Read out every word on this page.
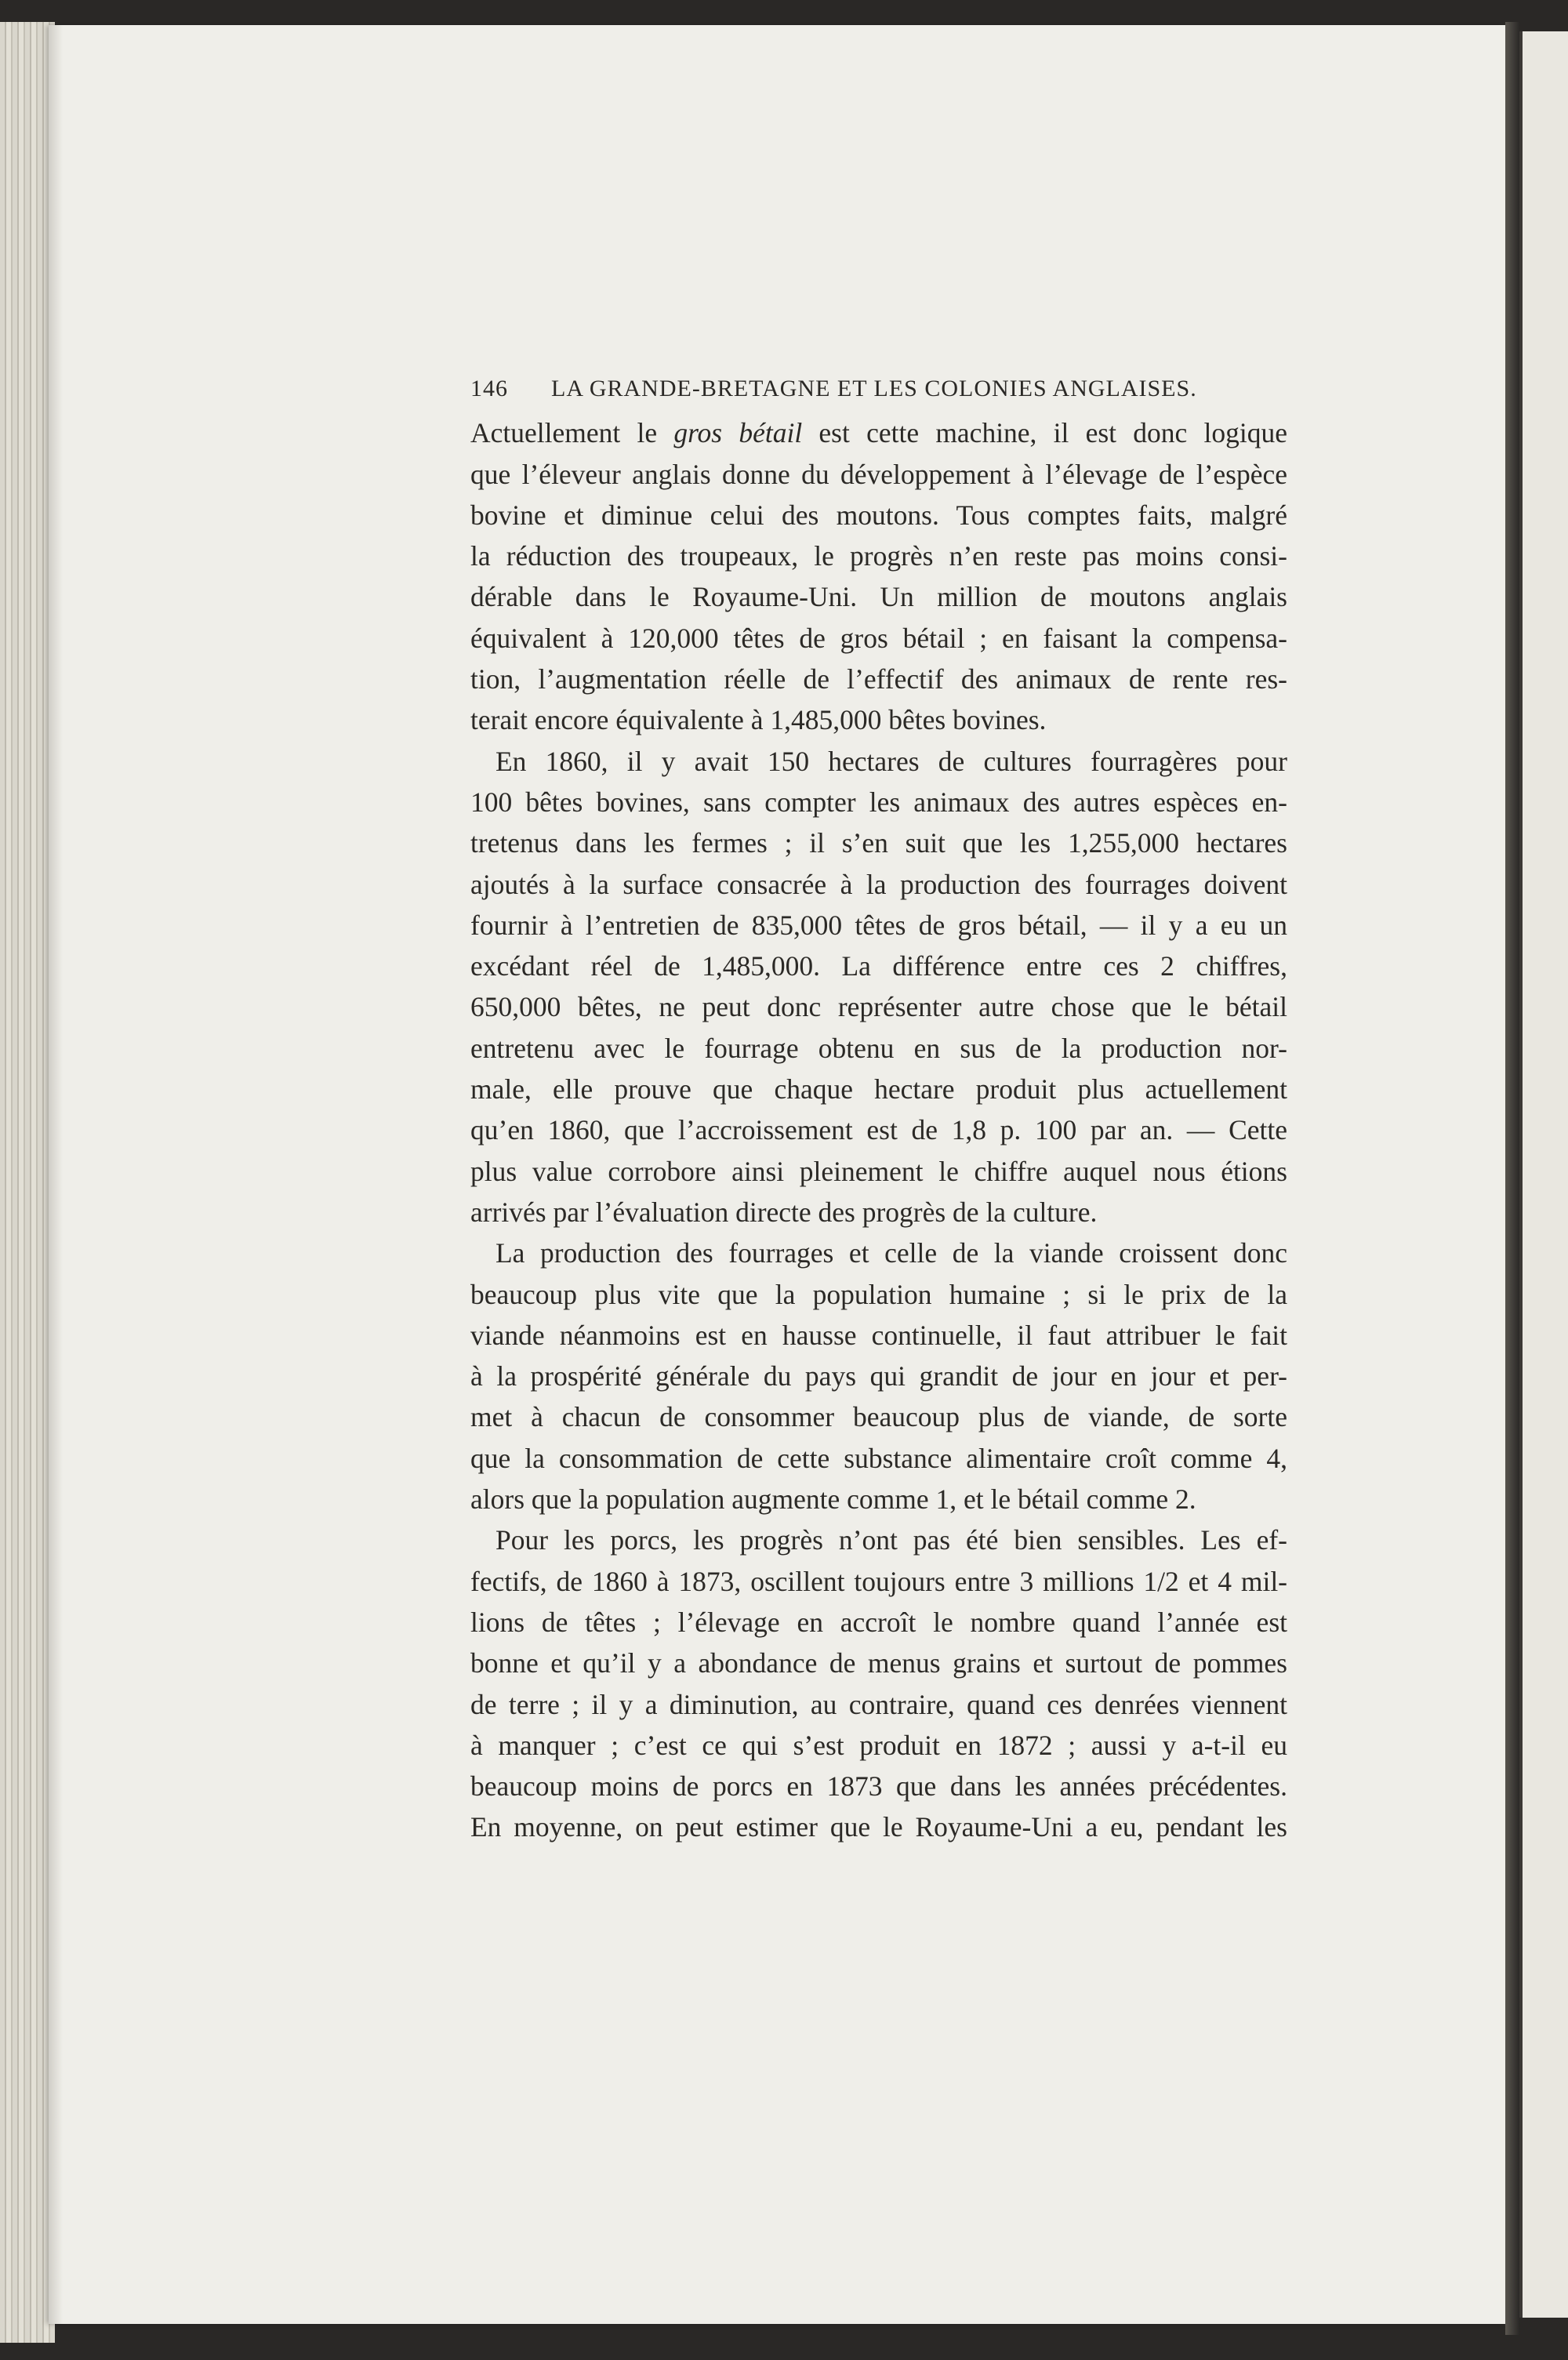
146	LA GRANDE-BRETAGNE ET LES COLONIES ANGLAISES.

Actuellement le gros bétail est cette machine, il est donc logique
que l’éleveur anglais donne du développement à l’élevage de l’espèce
bovine et diminue celui des moutons. Tous comptes faits, malgré
la réduction des troupeaux, le progrès n’en reste pas moins consi-
dérable dans le Royaume-Uni. Un million de moutons anglais
équivalent à 120,000 têtes de gros bétail ; en faisant la compensa-
tion, l’augmentation réelle de l’effectif des animaux de rente res-
terait encore équivalente à 1,485,000 bêtes bovines.

En 1860, il y avait 150 hectares de cultures fourragères pour
100 bêtes bovines, sans compter les animaux des autres espèces en-
tretenus dans les fermes ; il s’en suit que les 1,255,000 hectares
ajoutés à la surface consacrée à la production des fourrages doivent
fournir à l’entretien de 835,000 têtes de gros bétail, — il y a eu un
excédant réel de 1,485,000. La différence entre ces 2 chiffres,
650,000 bêtes, ne peut donc représenter autre chose que le bétail
entretenu avec le fourrage obtenu en sus de la production nor-
male, elle prouve que chaque hectare produit plus actuellement
qu’en 1860, que l’accroissement est de 1,8 p. 100 par an. — Cette
plus value corrobore ainsi pleinement le chiffre auquel nous étions
arrivés par l’évaluation directe des progrès de la culture.

La production des fourrages et celle de la viande croissent donc
beaucoup plus vite que la population humaine ; si le prix de la
viande néanmoins est en hausse continuelle, il faut attribuer le fait
à la prospérité générale du pays qui grandit de jour en jour et per-
met à chacun de consommer beaucoup plus de viande, de sorte
que la consommation de cette substance alimentaire croît comme 4,
alors que la population augmente comme 1, et le bétail comme 2.

Pour les porcs, les progrès n’ont pas été bien sensibles. Les ef-
fectifs, de 1860 à 1873, oscillent toujours entre 3 millions 1/2 et 4 mil-
lions de têtes ; l’élevage en accroît le nombre quand l’année est
bonne et qu’il y a abondance de menus grains et surtout de pommes
de terre ; il y a diminution, au contraire, quand ces denrées viennent
à manquer ; c’est ce qui s’est produit en 1872 ; aussi y a-t-il eu
beaucoup moins de porcs en 1873 que dans les années précédentes.
En moyenne, on peut estimer que le Royaume-Uni a eu, pendant les
